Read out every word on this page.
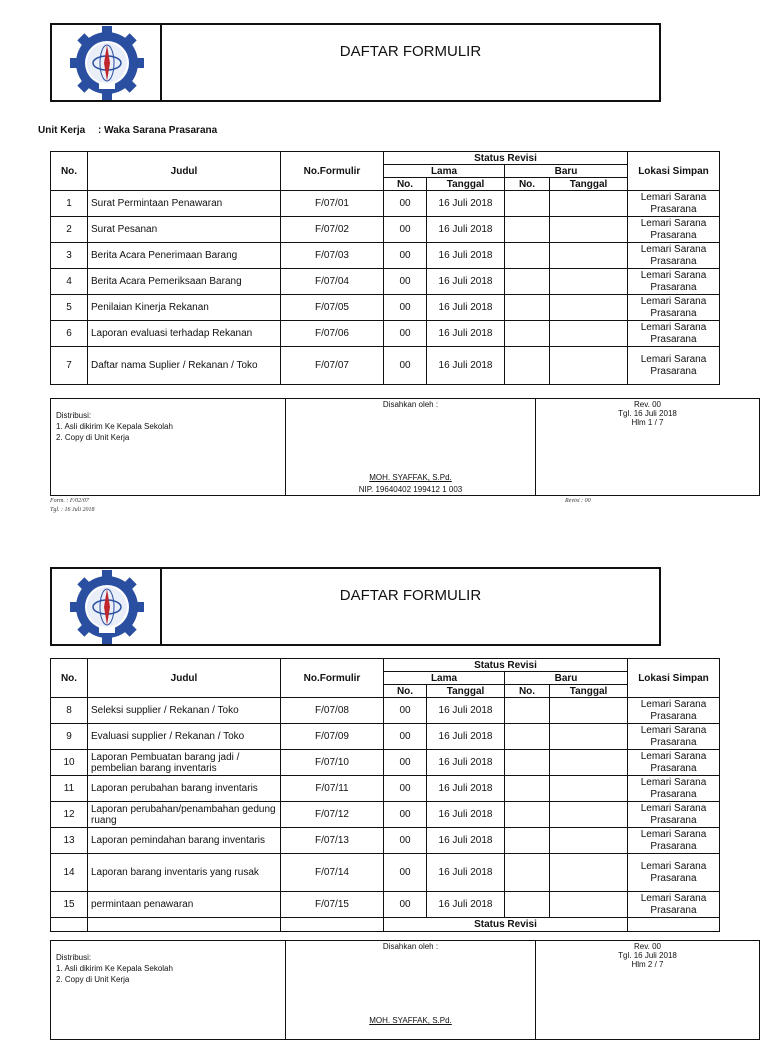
DAFTAR FORMULIR
Unit Kerja : Waka Sarana Prasarana
No.	Judul	No.Formulir	Status Revisi				Lokasi Simpan
			Lama		Baru		
			No.	Tanggal	No.	Tanggal	
1	Surat Permintaan Penawaran	F/07/01	00	16 Juli 2018			Lemari Sarana
Prasarana

2	Surat Pesanan	F/07/02	00	16 Juli 2018			Lemari Sarana
Prasarana

3	Berita Acara Penerimaan Barang	F/07/03	00	16 Juli 2018			Lemari Sarana
Prasarana

4	Berita Acara Pemeriksaan Barang	F/07/04	00	16 Juli 2018			Lemari Sarana
Prasarana

5	Penilaian Kinerja Rekanan	F/07/05	00	16 Juli 2018			Lemari Sarana
Prasarana

6	Laporan evaluasi terhadap Rekanan	F/07/06	00	16 Juli 2018			Lemari Sarana
Prasarana

7	Daftar nama Suplier / Rekanan / Toko	F/07/07	00	16 Juli 2018			Lemari Sarana
Prasarana
Distribusi:
1. Asli dikirim Ke Kepala Sekolah
2. Copy di Unit Kerja
Disahkan oleh :
MOH. SYAFFAK, S.Pd.
NIP. 19640402 199412 1 003
Rev. 00
Tgl. 16 Juli 2018
Hlm 1 / 7
Form. : F/02/07
Tgl. : 16 Juli 2018
Revisi : 00
DAFTAR FORMULIR
No.	Judul	No.Formulir	Status Revisi				Lokasi Simpan
			Lama		Baru		
			No.	Tanggal	No.	Tanggal	
8	Seleksi supplier / Rekanan / Toko	F/07/08	00	16 Juli 2018			Lemari Sarana
Prasarana

9	Evaluasi supplier / Rekanan / Toko	F/07/09	00	16 Juli 2018			Lemari Sarana
Prasarana

10	Laporan Pembuatan barang jadi / pembelian barang inventaris	F/07/10	00	16 Juli 2018			Lemari Sarana
Prasarana

11	Laporan perubahan barang inventaris	F/07/11	00	16 Juli 2018			Lemari Sarana
Prasarana

12	Laporan perubahan/penambahan gedung ruang	F/07/12	00	16 Juli 2018			Lemari Sarana
Prasarana

13	Laporan pemindahan barang inventaris	F/07/13	00	16 Juli 2018			Lemari Sarana
Prasarana

14	Laporan barang inventaris yang rusak	F/07/14	00	16 Juli 2018			Lemari Sarana
Prasarana

15	permintaan penawaran	F/07/15	00	16 Juli 2018			Lemari Sarana
Prasarana

			Status Revisi				
Distribusi:
1. Asli dikirim Ke Kepala Sekolah
2. Copy di Unit Kerja
Disahkan oleh :
MOH. SYAFFAK, S.Pd.
Rev. 00
Tgl. 16 Juli 2018
Hlm 2 / 7
